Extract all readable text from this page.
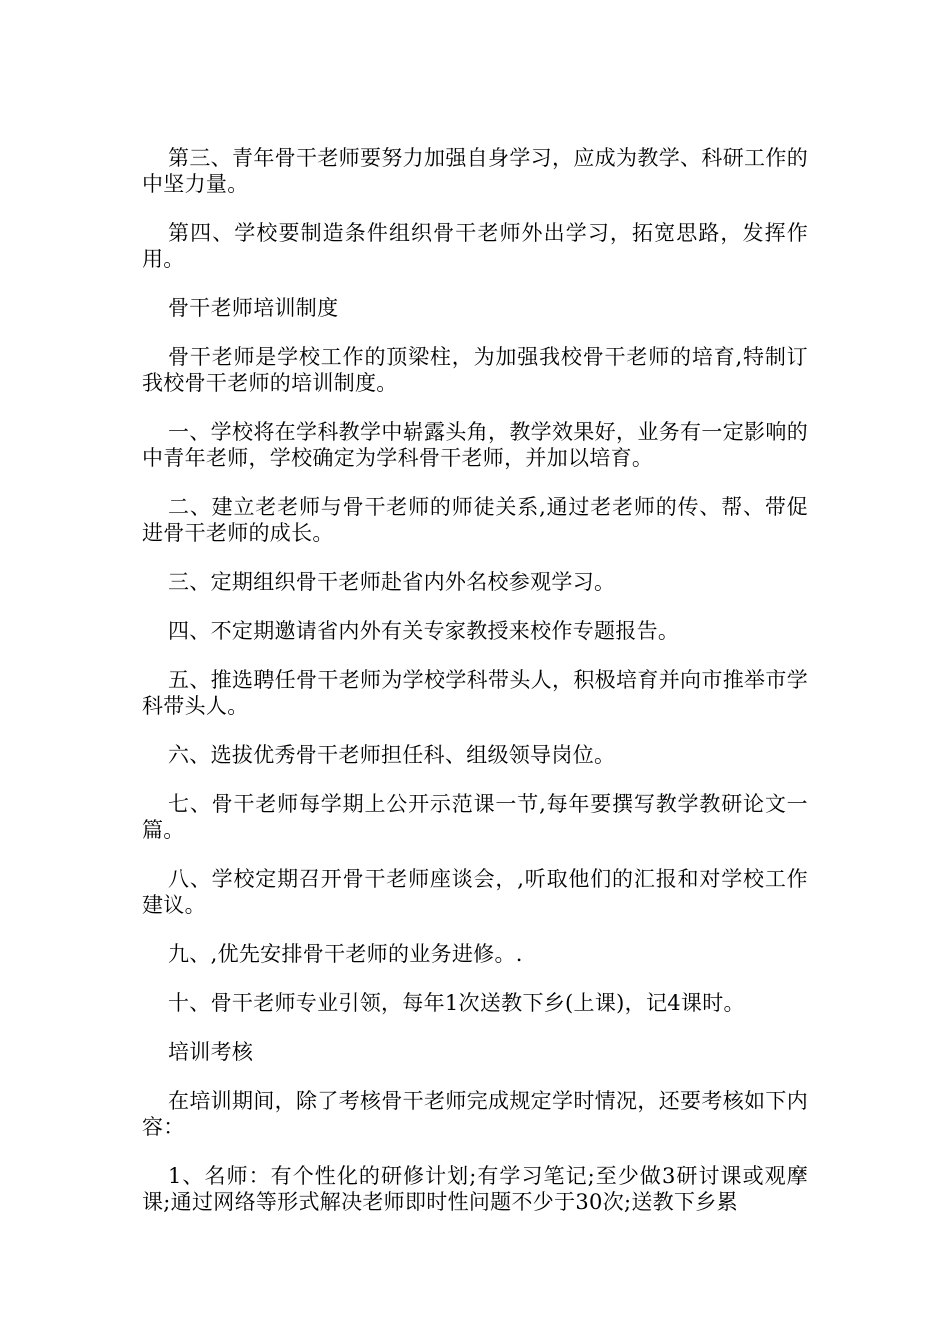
第三、青年骨干老师要努力加强自身学习，应成为教学、科研工作的中坚力量。

第四、学校要制造条件组织骨干老师外出学习，拓宽思路，发挥作用。

骨干老师培训制度

骨干老师是学校工作的顶梁柱，为加强我校骨干老师的培育,特制订我校骨干老师的培训制度。

一、学校将在学科教学中崭露头角，教学效果好，业务有一定影响的中青年老师，学校确定为学科骨干老师，并加以培育。

二、建立老老师与骨干老师的师徒关系,通过老老师的传、帮、带促进骨干老师的成长。

三、定期组织骨干老师赴省内外名校参观学习。

四、不定期邀请省内外有关专家教授来校作专题报告。

五、推选聘任骨干老师为学校学科带头人，积极培育并向市推举市学科带头人。

六、选拔优秀骨干老师担任科、组级领导岗位。

七、骨干老师每学期上公开示范课一节,每年要撰写教学教研论文一篇。

八、学校定期召开骨干老师座谈会，,听取他们的汇报和对学校工作建议。

九、,优先安排骨干老师的业务进修。.

十、骨干老师专业引领，每年1次送教下乡(上课)，记4课时。

培训考核

在培训期间，除了考核骨干老师完成规定学时情况，还要考核如下内容：

1、名师：有个性化的研修计划;有学习笔记;至少做3研讨课或观摩课;通过网络等形式解决老师即时性问题不少于30次;送教下乡累
